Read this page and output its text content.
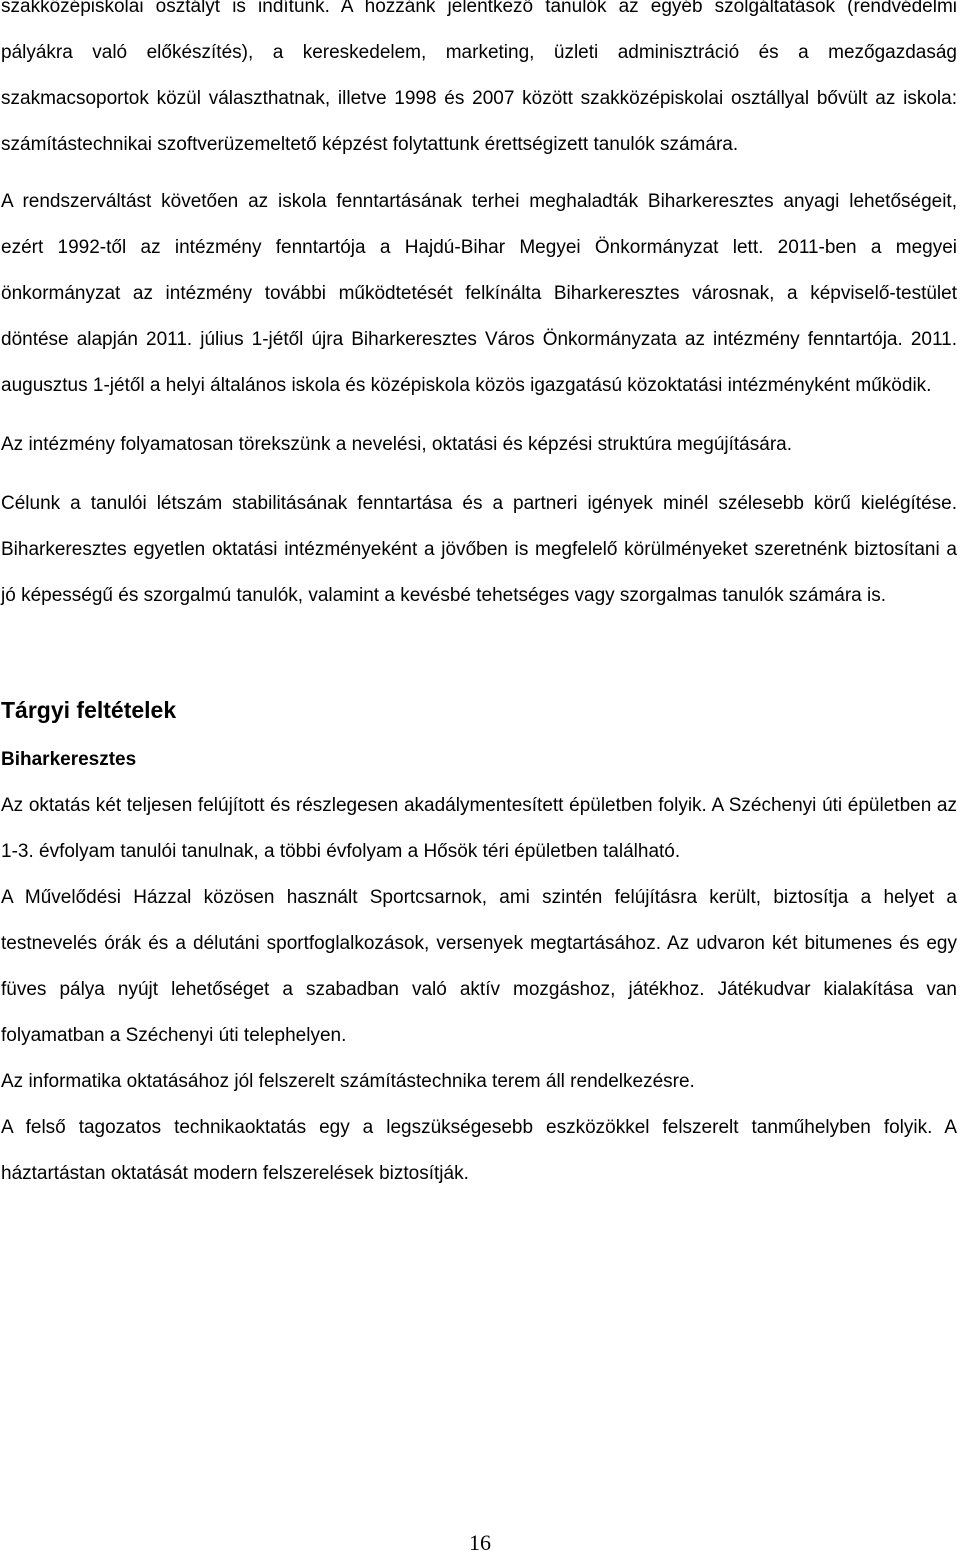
szakközépiskolai osztályt is indítunk. A hozzánk jelentkező tanulók az egyéb szolgáltatások (rendvédelmi pályákra való előkészítés), a kereskedelem, marketing, üzleti adminisztráció és a mezőgazdaság szakmacsoportok közül választhatnak, illetve 1998 és 2007 között szakközépiskolai osztállyal bővült az iskola: számítástechnikai szoftverüzemeltető képzést folytattunk érettségizett tanulók számára.

A rendszerváltást követően az iskola fenntartásának terhei meghaladták Biharkeresztes anyagi lehetőségeit, ezért 1992-től az intézmény fenntartója a Hajdú-Bihar Megyei Önkormányzat lett. 2011-ben a megyei önkormányzat az intézmény további működtetését felkínálta Biharkeresztes városnak, a képviselő-testület döntése alapján 2011. július 1-jétől újra Biharkeresztes Város Önkormányzata az intézmény fenntartója. 2011. augusztus 1-jétől a helyi általános iskola és középiskola közös igazgatású közoktatási intézményként működik.

Az intézmény folyamatosan törekszünk a nevelési, oktatási és képzési struktúra megújítására.

Célunk a tanulói létszám stabilitásának fenntartása és a partneri igények minél szélesebb körű kielégítése. Biharkeresztes egyetlen oktatási intézményeként a jövőben is megfelelő körülményeket szeretnénk biztosítani a jó képességű és szorgalmú tanulók, valamint a kevésbé tehetséges vagy szorgalmas tanulók számára is.

Tárgyi feltételek
Biharkeresztes

Az oktatás két teljesen felújított és részlegesen akadálymentesített épületben folyik. A Széchenyi úti épületben az 1-3. évfolyam tanulói tanulnak, a többi évfolyam a Hősök téri épületben található.

A Művelődési Házzal közösen használt Sportcsarnok, ami szintén felújításra került, biztosítja a helyet a testnevelés órák és a délutáni sportfoglalkozások, versenyek megtartásához. Az udvaron két bitumenes és egy füves pálya nyújt lehetőséget a szabadban való aktív mozgáshoz, játékhoz. Játékudvar kialakítása van folyamatban a Széchenyi úti telephelyen.

Az informatika oktatásához jól felszerelt számítástechnika terem áll rendelkezésre.

A felső tagozatos technikaoktatás egy a legszükségesebb eszközökkel felszerelt tanműhelyben folyik. A háztartástan oktatását modern felszerelések biztosítják.

16
